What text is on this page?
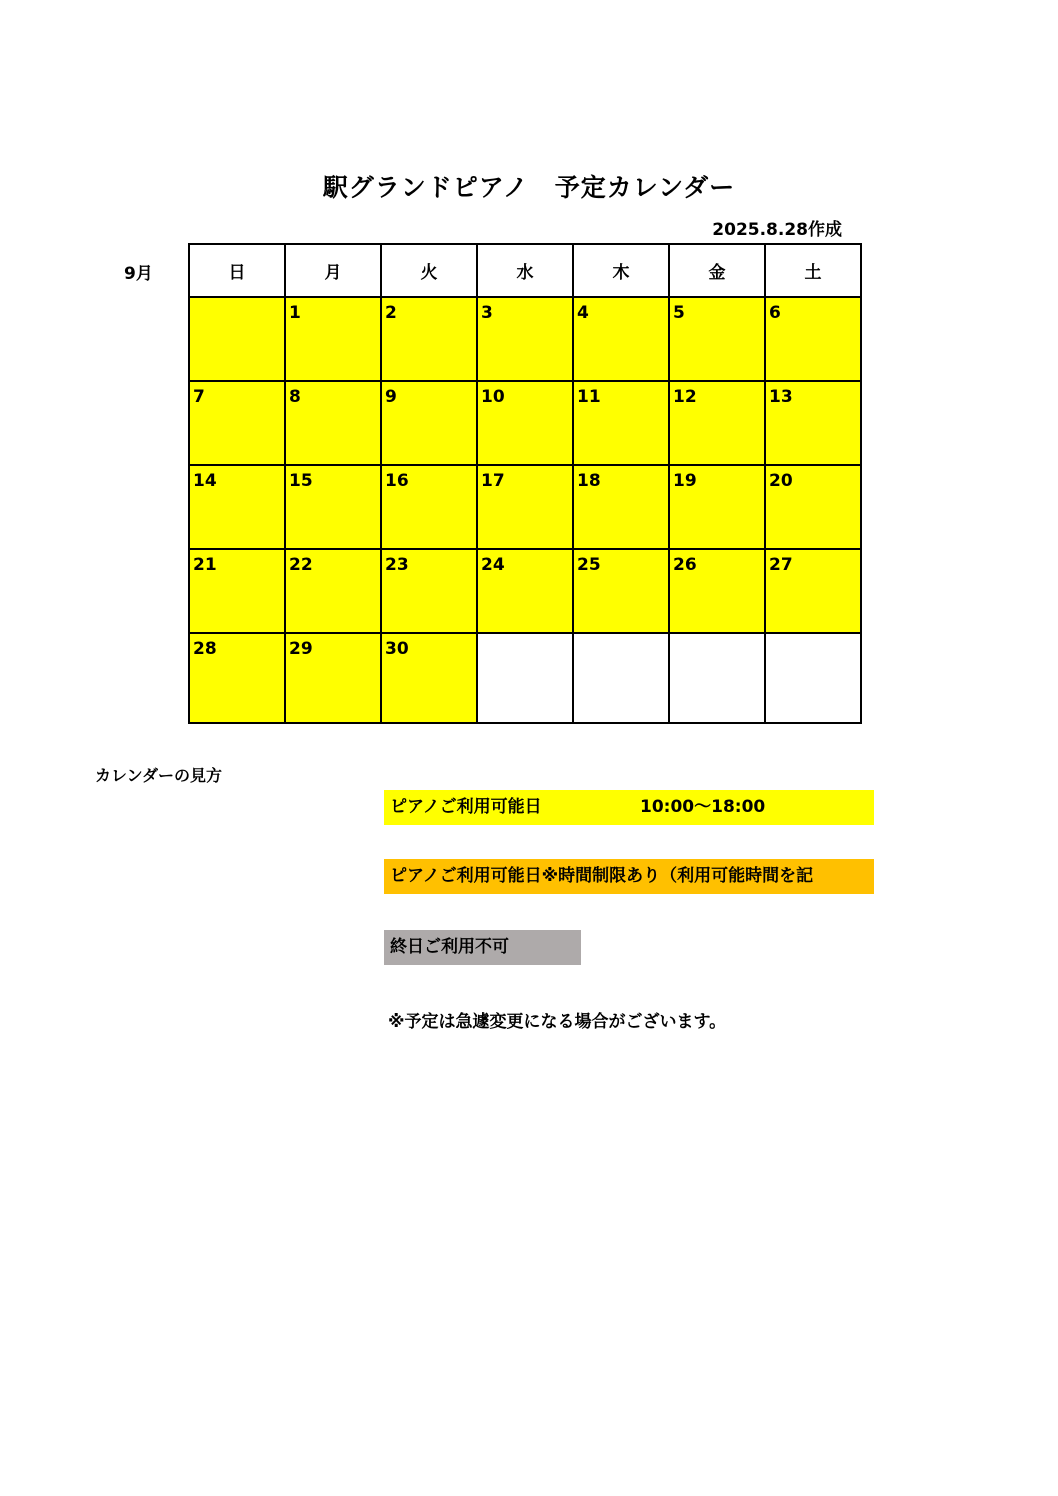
駅グランドピアノ　予定カレンダー
2025.8.28作成
9月	日	月	火	水	木	金	土

	1	2	3	4	5	6

7	8	9	10	11	12	13

14	15	16	17	18	19	20

21	22	23	24	25	26	27

28	29	30				

カレンダーの見方
ピアノご利用可能日	10:00～18:00
ピアノご利用可能日※時間制限あり（利用可能時間を記
終日ご利用不可
※予定は急遽変更になる場合がございます。
